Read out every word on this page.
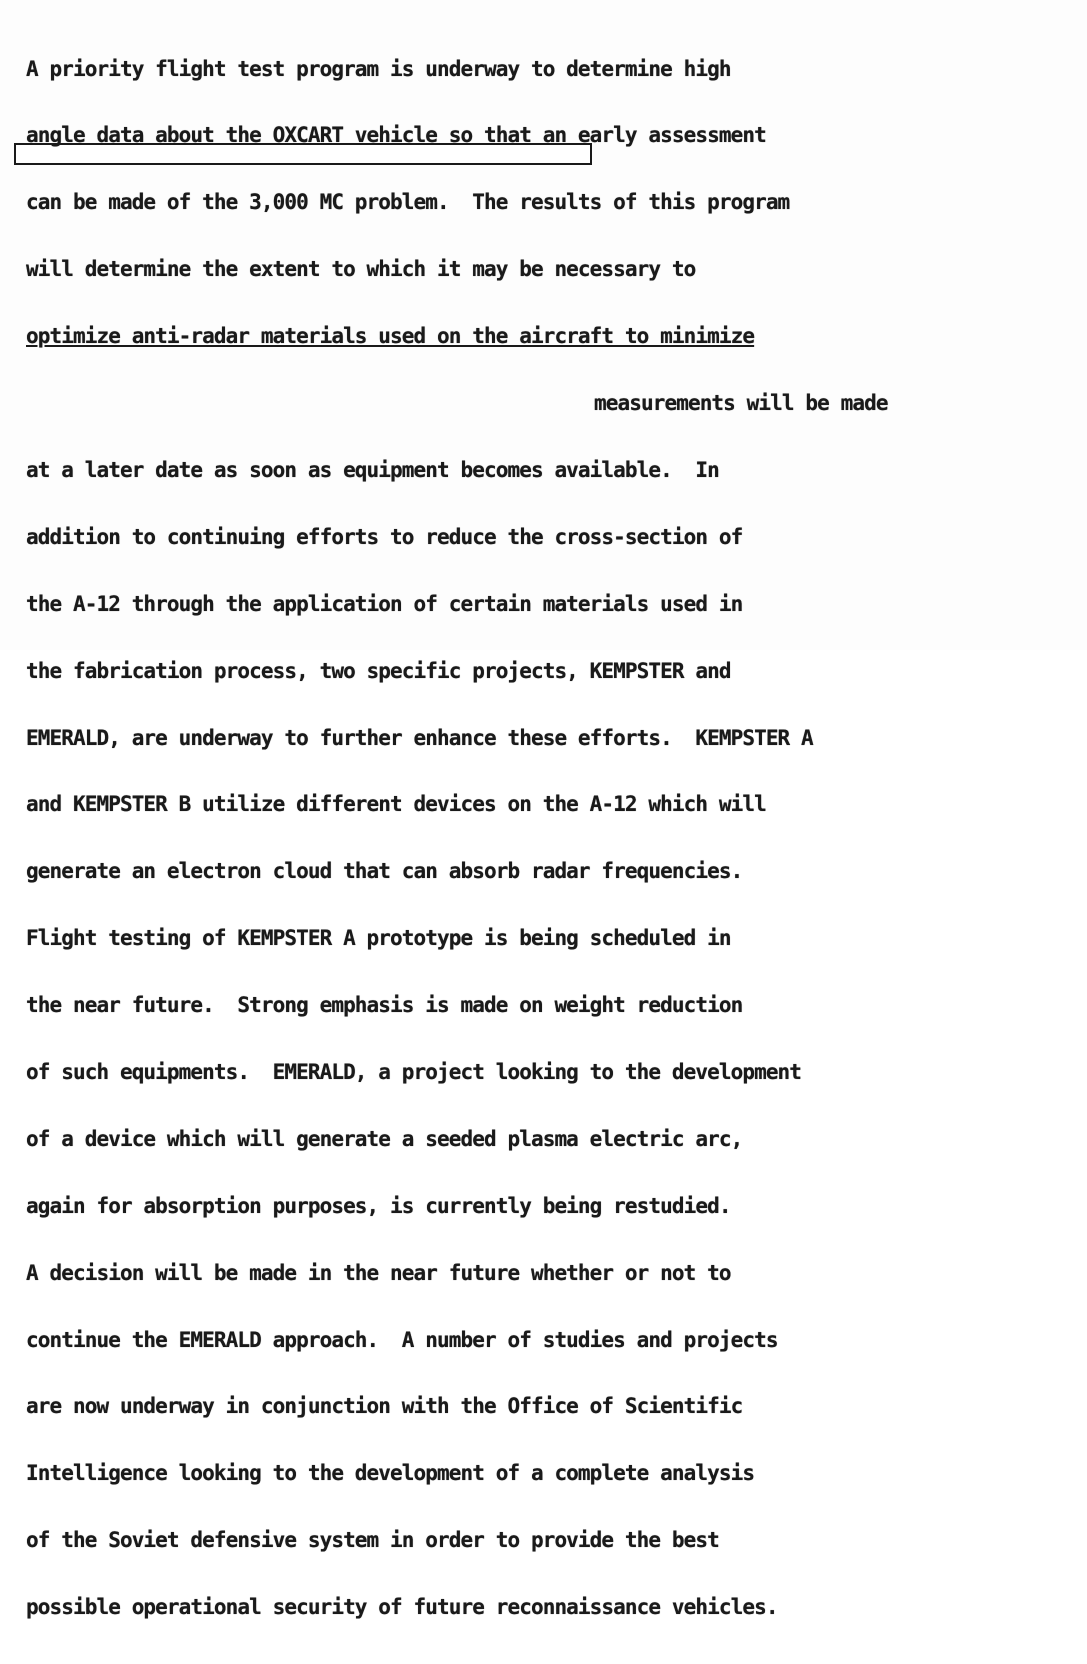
A priority flight test program is underway to determine high

angle data about the OXCART vehicle so that an early assessment

can be made of the 3,000 MC problem.  The results of this program

will determine the extent to which it may be necessary to

optimize anti-radar materials used on the aircraft to minimize

measurements will be made

at a later date as soon as equipment becomes available.  In

addition to continuing efforts to reduce the cross-section of

the A-12 through the application of certain materials used in

the fabrication process, two specific projects, KEMPSTER and

EMERALD, are underway to further enhance these efforts.  KEMPSTER A

and KEMPSTER B utilize different devices on the A-12 which will

generate an electron cloud that can absorb radar frequencies.

Flight testing of KEMPSTER A prototype is being scheduled in

the near future.  Strong emphasis is made on weight reduction

of such equipments.  EMERALD, a project looking to the development

of a device which will generate a seeded plasma electric arc,

again for absorption purposes, is currently being restudied.

A decision will be made in the near future whether or not to

continue the EMERALD approach.  A number of studies and projects

are now underway in conjunction with the Office of Scientific

Intelligence looking to the development of a complete analysis

of the Soviet defensive system in order to provide the best

possible operational security of future reconnaissance vehicles.
